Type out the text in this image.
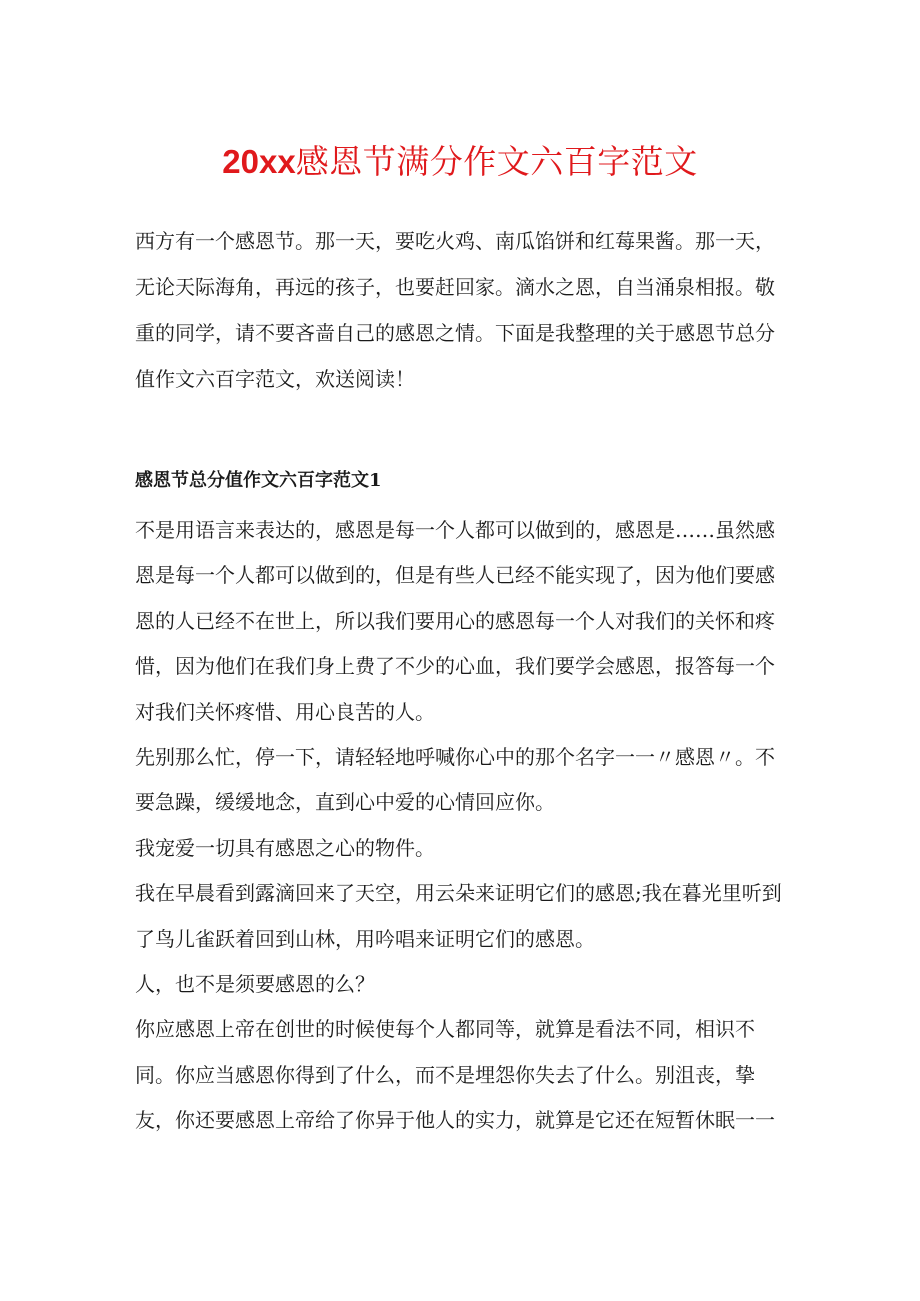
20xx感恩节满分作文六百字范文
西方有一个感恩节。那一天，要吃火鸡、南瓜馅饼和红莓果酱。那一天，
无论天际海角，再远的孩子，也要赶回家。滴水之恩，自当涌泉相报。敬
重的同学，请不要吝啬自己的感恩之情。下面是我整理的关于感恩节总分
值作文六百字范文，欢送阅读！
感恩节总分值作文六百字范文1
不是用语言来表达的，感恩是每一个人都可以做到的，感恩是……虽然感
恩是每一个人都可以做到的，但是有些人已经不能实现了，因为他们要感
恩的人已经不在世上，所以我们要用心的感恩每一个人对我们的关怀和疼
惜，因为他们在我们身上费了不少的心血，我们要学会感恩，报答每一个
对我们关怀疼惜、用心良苦的人。
先别那么忙，停一下，请轻轻地呼喊你心中的那个名字一一〃感恩〃。不
要急躁，缓缓地念，直到心中爱的心情回应你。
我宠爱一切具有感恩之心的物件。
我在早晨看到露滴回来了天空，用云朵来证明它们的感恩;我在暮光里听到
了鸟儿雀跃着回到山林，用吟唱来证明它们的感恩。
人，也不是须要感恩的么？
你应感恩上帝在创世的时候使每个人都同等，就算是看法不同，相识不
同。你应当感恩你得到了什么，而不是埋怨你失去了什么。别沮丧，挚
友，你还要感恩上帝给了你异于他人的实力，就算是它还在短暂休眠一一
